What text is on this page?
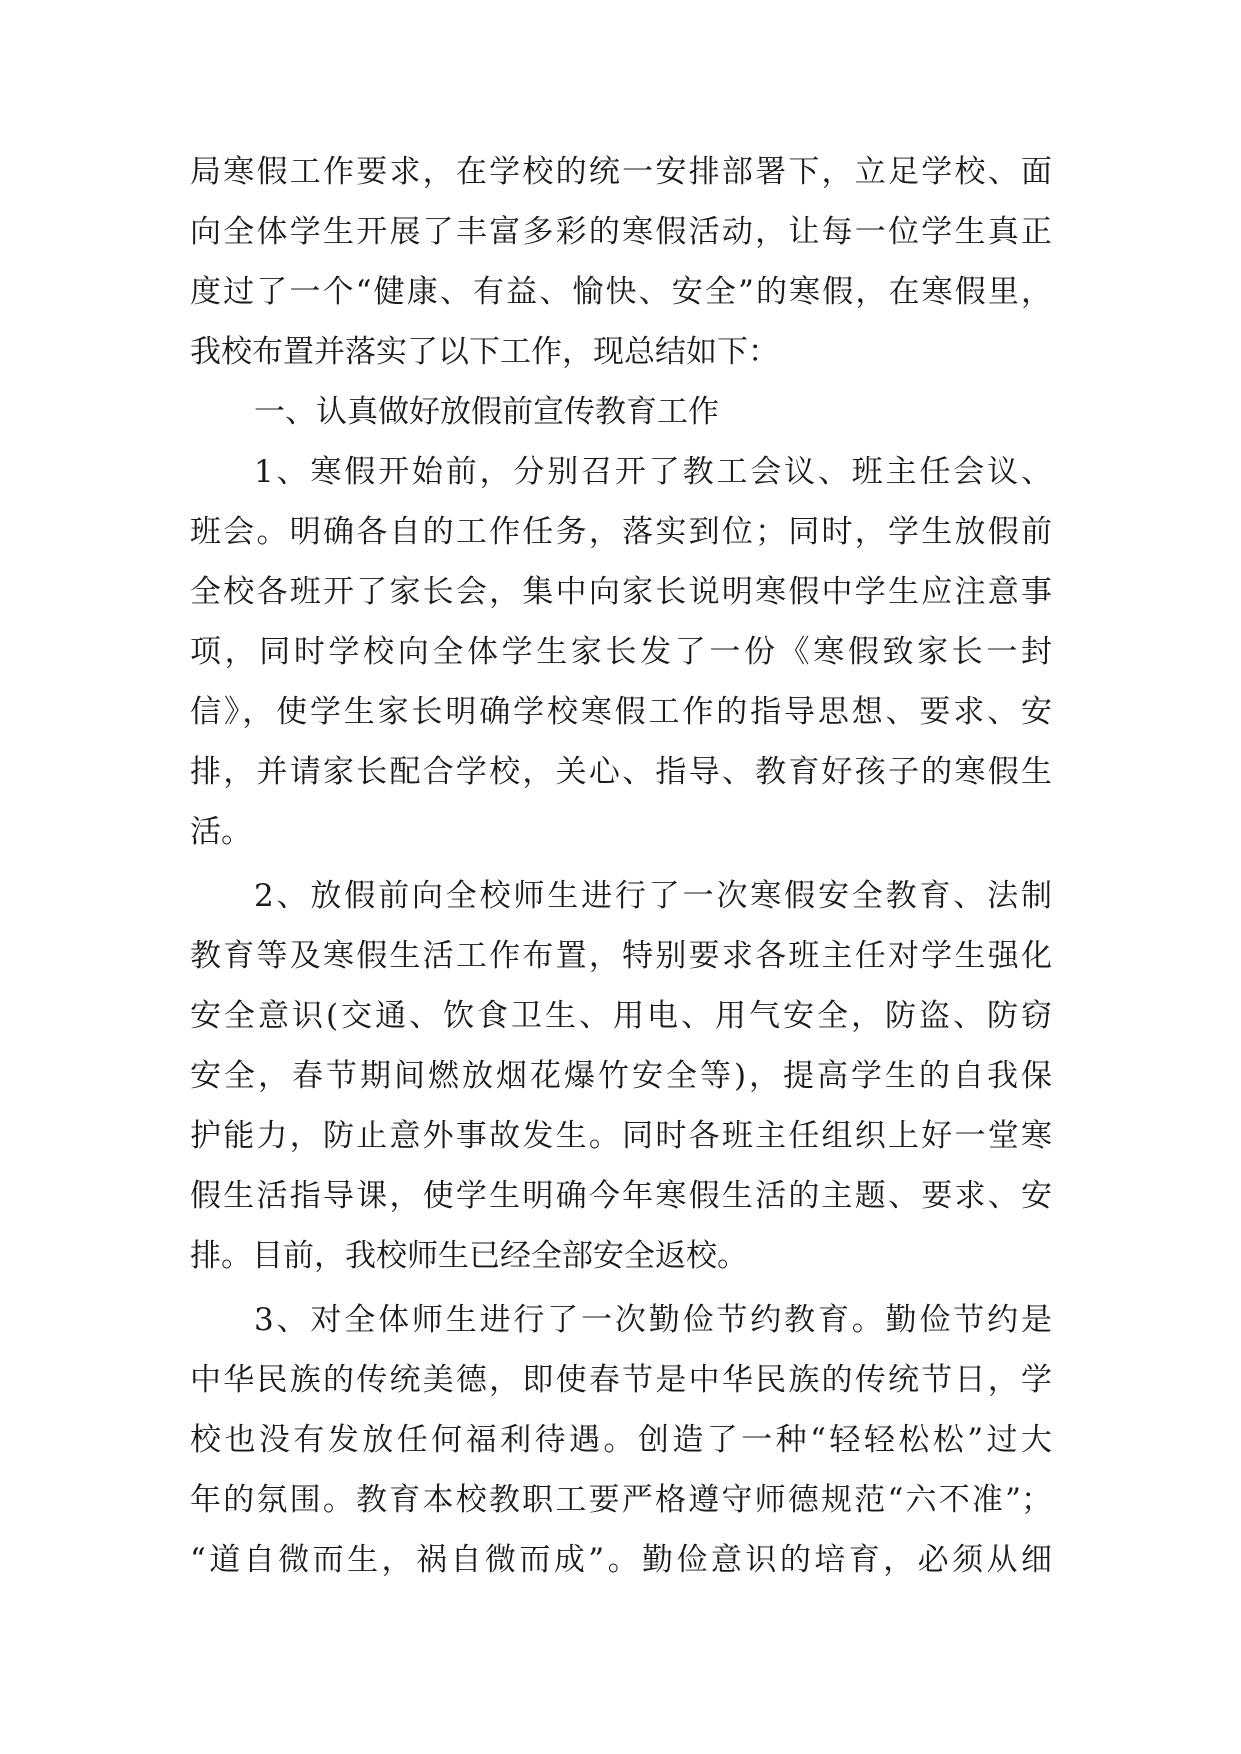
局寒假工作要求，在学校的统一安排部署下，立足学校、面
向全体学生开展了丰富多彩的寒假活动，让每一位学生真正
度过了一个“健康、有益、愉快、安全”的寒假，在寒假里，
我校布置并落实了以下工作，现总结如下：
一、认真做好放假前宣传教育工作
1、寒假开始前，分别召开了教工会议、班主任会议、
班会。明确各自的工作任务，落实到位；同时，学生放假前
全校各班开了家长会，集中向家长说明寒假中学生应注意事
项，同时学校向全体学生家长发了一份《寒假致家长一封
信》，使学生家长明确学校寒假工作的指导思想、要求、安
排，并请家长配合学校，关心、指导、教育好孩子的寒假生
活。
2、放假前向全校师生进行了一次寒假安全教育、法制
教育等及寒假生活工作布置，特别要求各班主任对学生强化
安全意识(交通、饮食卫生、用电、用气安全，防盗、防窃
安全，春节期间燃放烟花爆竹安全等)，提高学生的自我保
护能力，防止意外事故发生。同时各班主任组织上好一堂寒
假生活指导课，使学生明确今年寒假生活的主题、要求、安
排。目前，我校师生已经全部安全返校。
3、对全体师生进行了一次勤俭节约教育。勤俭节约是
中华民族的传统美德，即使春节是中华民族的传统节日，学
校也没有发放任何福利待遇。创造了一种“轻轻松松”过大
年的氛围。教育本校教职工要严格遵守师德规范“六不准”；
“道自微而生，祸自微而成”。勤俭意识的培育，必须从细
